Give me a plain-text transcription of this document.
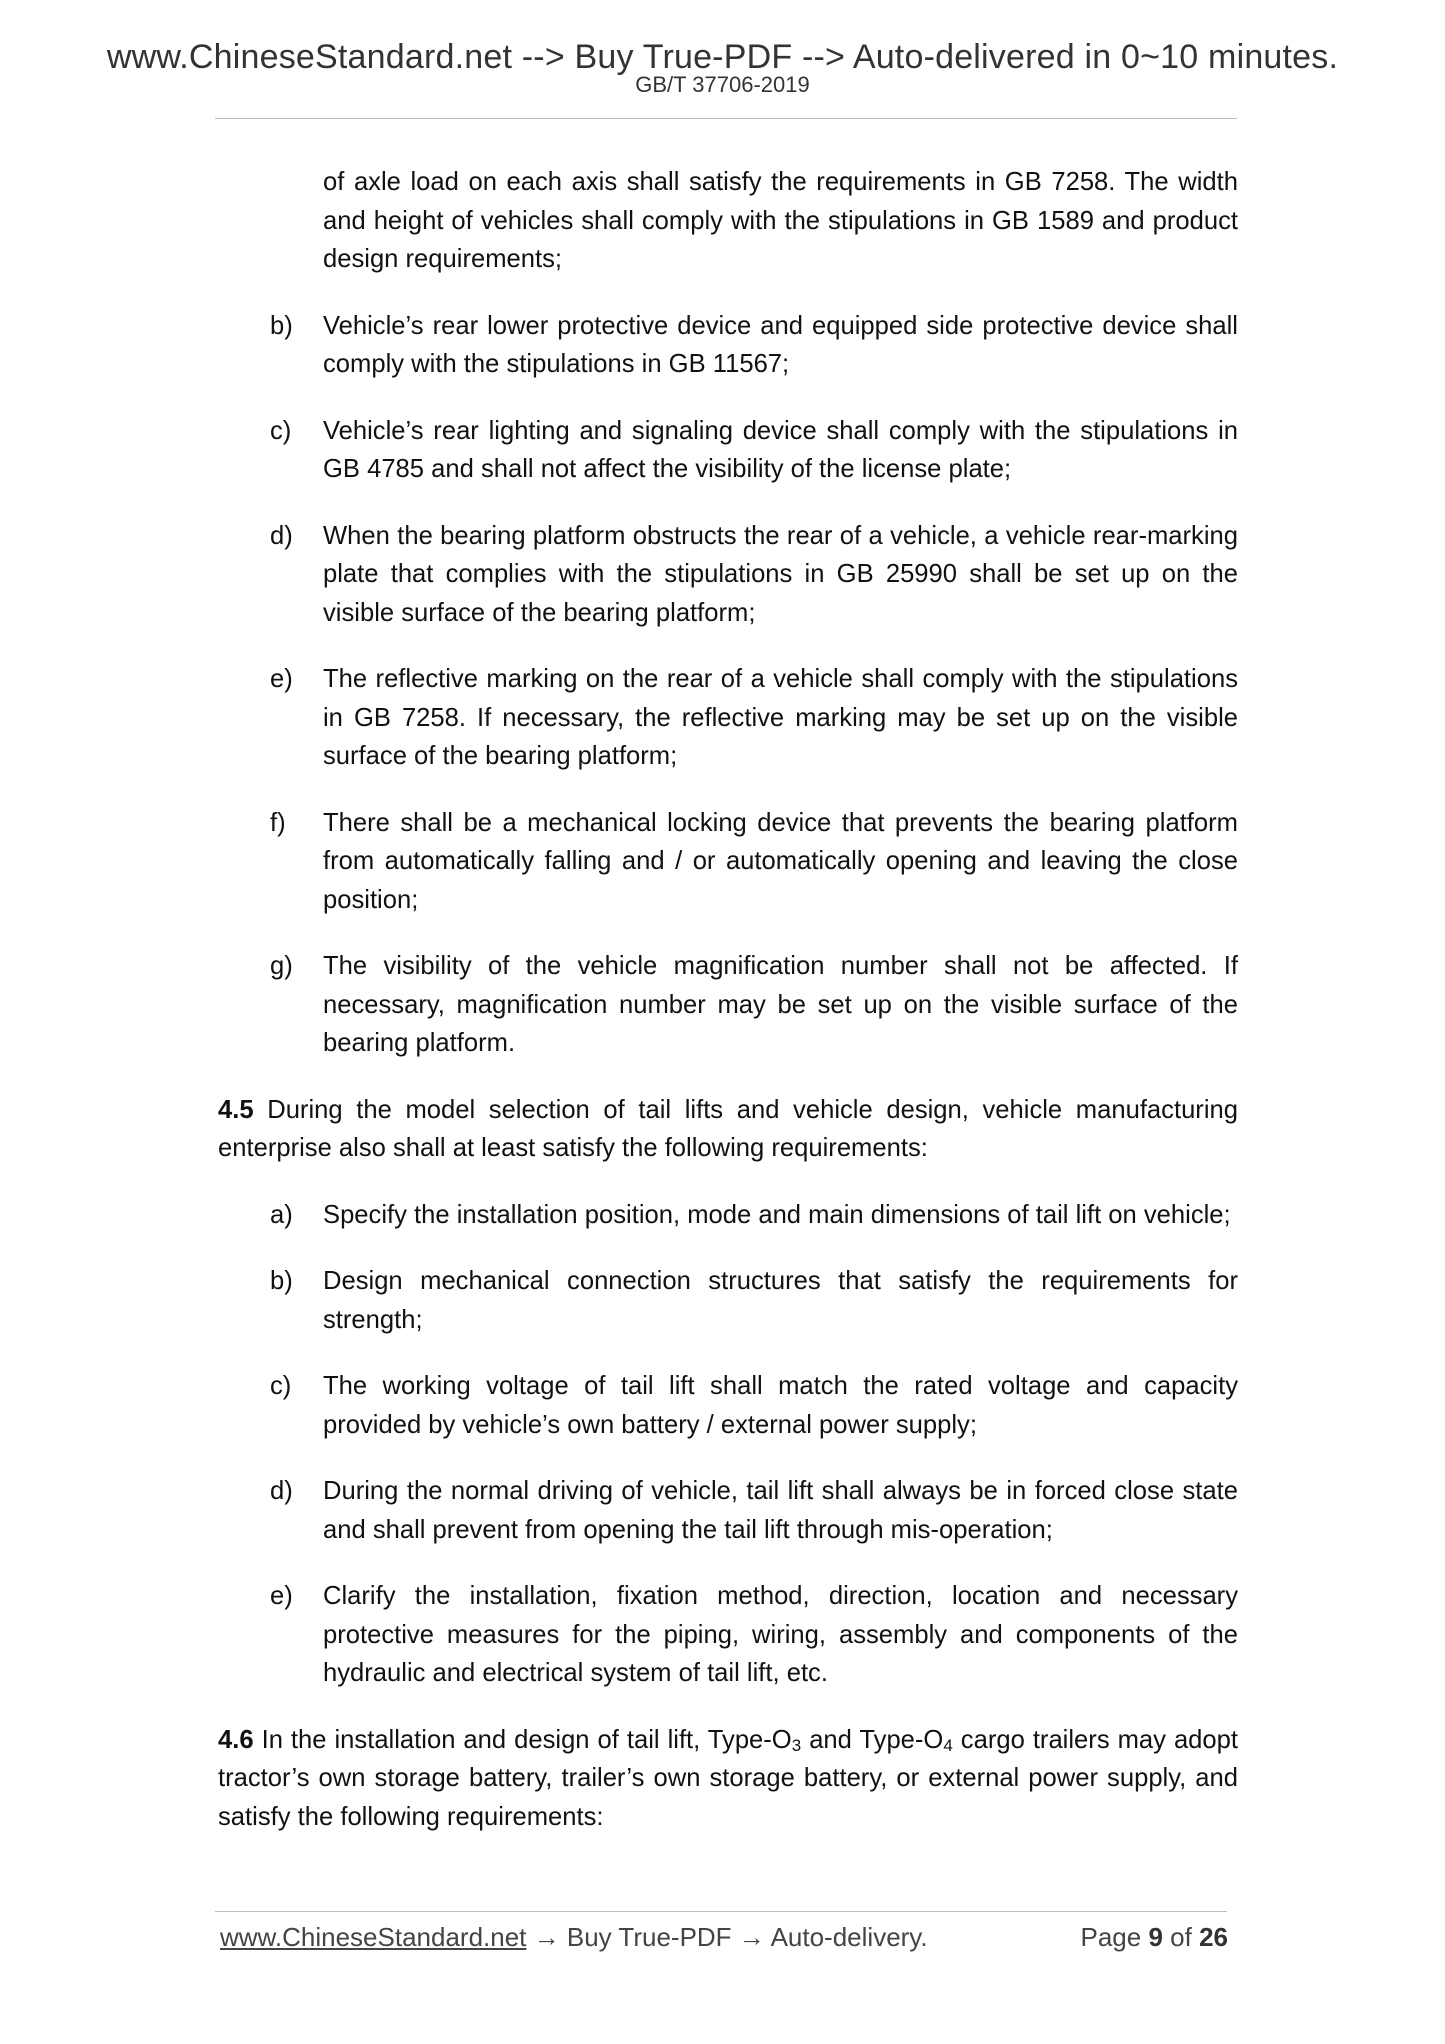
www.ChineseStandard.net --> Buy True-PDF --> Auto-delivered in 0~10 minutes.
GB/T 37706-2019
of axle load on each axis shall satisfy the requirements in GB 7258. The width and height of vehicles shall comply with the stipulations in GB 1589 and product design requirements;
b) Vehicle’s rear lower protective device and equipped side protective device shall comply with the stipulations in GB 11567;
c) Vehicle’s rear lighting and signaling device shall comply with the stipulations in GB 4785 and shall not affect the visibility of the license plate;
d) When the bearing platform obstructs the rear of a vehicle, a vehicle rear-marking plate that complies with the stipulations in GB 25990 shall be set up on the visible surface of the bearing platform;
e) The reflective marking on the rear of a vehicle shall comply with the stipulations in GB 7258. If necessary, the reflective marking may be set up on the visible surface of the bearing platform;
f) There shall be a mechanical locking device that prevents the bearing platform from automatically falling and / or automatically opening and leaving the close position;
g) The visibility of the vehicle magnification number shall not be affected. If necessary, magnification number may be set up on the visible surface of the bearing platform.
4.5 During the model selection of tail lifts and vehicle design, vehicle manufacturing enterprise also shall at least satisfy the following requirements:
a) Specify the installation position, mode and main dimensions of tail lift on vehicle;
b) Design mechanical connection structures that satisfy the requirements for strength;
c) The working voltage of tail lift shall match the rated voltage and capacity provided by vehicle’s own battery / external power supply;
d) During the normal driving of vehicle, tail lift shall always be in forced close state and shall prevent from opening the tail lift through mis-operation;
e) Clarify the installation, fixation method, direction, location and necessary protective measures for the piping, wiring, assembly and components of the hydraulic and electrical system of tail lift, etc.
4.6 In the installation and design of tail lift, Type-$O_3$ and Type-$O_4$ cargo trailers may adopt tractor’s own storage battery, trailer’s own storage battery, or external power supply, and satisfy the following requirements:
www.ChineseStandard.net → Buy True-PDF → Auto-delivery.	Page 9 of 26
